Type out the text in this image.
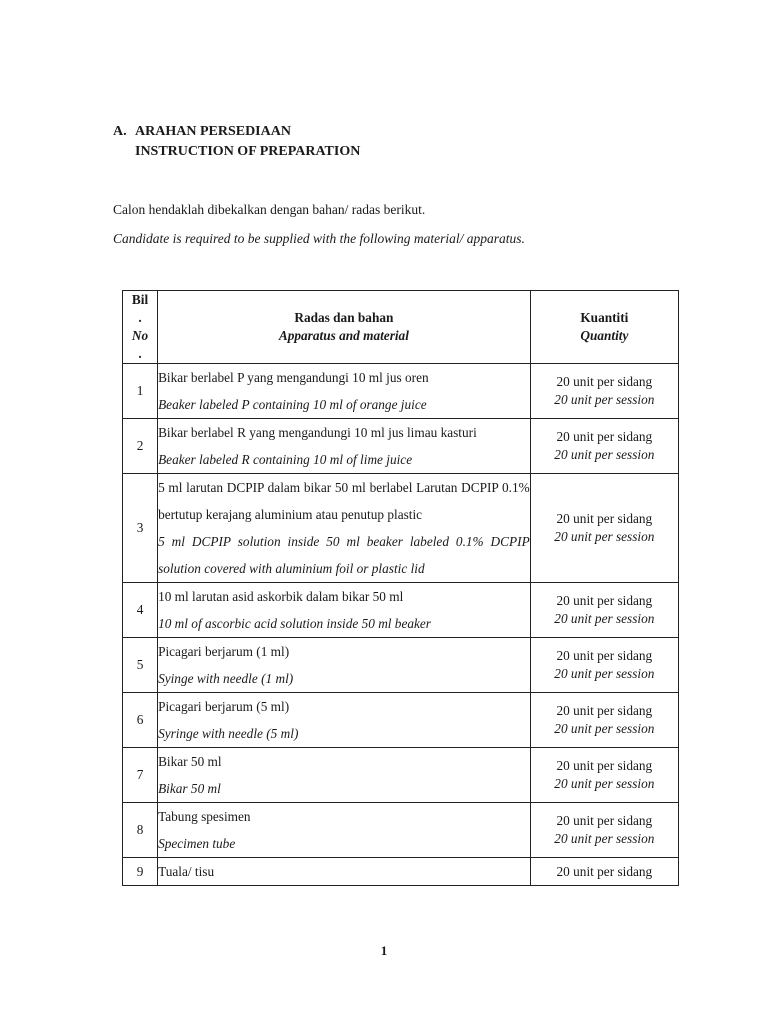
A. ARAHAN PERSEDIAAN
INSTRUCTION OF PREPARATION
Calon hendaklah dibekalkan dengan bahan/ radas berikut.
Candidate is required to be supplied with the following material/ apparatus.
Bil
.
No
.	Radas dan bahan
Apparatus and material	Kuantiti
Quantity

1	Bikar berlabel P yang mengandungi 10 ml jus oren
Beaker labeled P containing 10 ml of orange juice	20 unit per sidang
20 unit per session

2	Bikar berlabel R yang mengandungi 10 ml jus limau kasturi
Beaker labeled R containing 10 ml of lime juice	20 unit per sidang
20 unit per session

3	5 ml larutan DCPIP dalam bikar 50 ml berlabel Larutan DCPIP 0.1% bertutup kerajang aluminium atau penutup plastic
5 ml DCPIP solution inside 50 ml beaker labeled 0.1% DCPIP solution covered with aluminium foil or plastic lid	20 unit per sidang
20 unit per session

4	10 ml larutan asid askorbik dalam bikar 50 ml
10 ml of ascorbic acid solution inside 50 ml beaker	20 unit per sidang
20 unit per session

5	Picagari berjarum (1 ml)
Syinge with needle (1 ml)	20 unit per sidang
20 unit per session

6	Picagari berjarum (5 ml)
Syringe with needle (5 ml)	20 unit per sidang
20 unit per session

7	Bikar 50 ml
Bikar 50 ml	20 unit per sidang
20 unit per session

8	Tabung spesimen
Specimen tube	20 unit per sidang
20 unit per session

9	Tuala/ tisu	20 unit per sidang
1
